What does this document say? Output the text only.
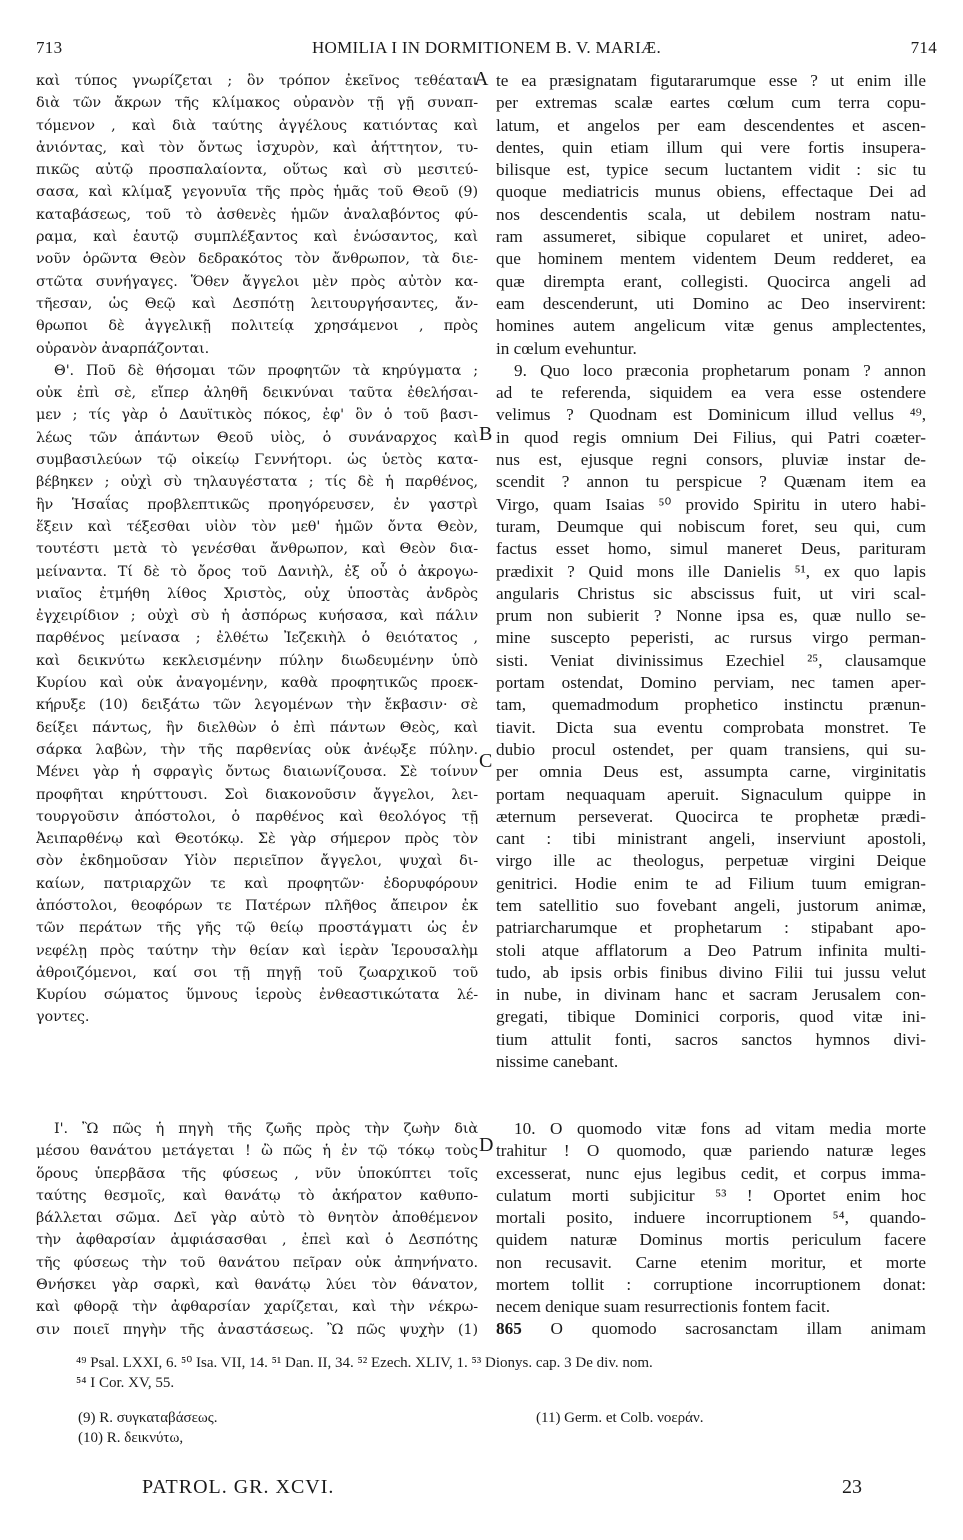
713	HOMILIA I IN DORMITIONEM B. V. MARIÆ.	714
καὶ τύπος γνωρίζεται ; ὃν τρόπον ἐκεῖνος τεθέαται
διὰ τῶν ἄκρων τῆς κλίμακος οὐρανὸν τῇ γῇ συναπ-
τόμενον , καὶ διὰ ταύτης ἀγγέλους κατιόντας καὶ
ἀνιόντας, καὶ τὸν ὄντως ἰσχυρὸν, καὶ ἀήττητον, τυ-
πικῶς αὐτῷ προσπαλαίοντα, οὕτως καὶ σὺ μεσιτεύ-
σασα, καὶ κλίμαξ γεγονυῖα τῆς πρὸς ἡμᾶς τοῦ Θεοῦ (9)
καταβάσεως, τοῦ τὸ ἀσθενὲς ἡμῶν ἀναλαβόντος φύ-
ραμα, καὶ ἑαυτῷ συμπλέξαντος καὶ ἑνώσαντος, καὶ
νοῦν ὁρῶντα Θεὸν δεδρακότος τὸν ἄνθρωπον, τὰ διε-
στῶτα συνήγαγες. Ὅθεν ἄγγελοι μὲν πρὸς αὐτὸν κα-
τῆεσαν, ὡς Θεῷ καὶ Δεσπότῃ λειτουργήσαντες, ἄν-
θρωποι δὲ ἀγγελικῇ πολιτείᾳ χρησάμενοι , πρὸς
οὐρανὸν ἀναρπάζονται.
Θ'. Ποῦ δὲ θήσομαι τῶν προφητῶν τὰ κηρύγματα ;
οὐκ ἐπὶ σὲ, εἴπερ ἀληθῆ δεικνύναι ταῦτα ἐθελήσαι-
μεν ; τίς γὰρ ὁ Δαυϊτικὸς πόκος, ἐφ' ὃν ὁ τοῦ βασι-
λέως τῶν ἁπάντων Θεοῦ υἱὸς, ὁ συνάναρχος καὶ
συμβασιλεύων τῷ οἰκείῳ Γεννήτορι. ὡς ὑετὸς κατα-
βέβηκεν ; οὐχὶ σὺ τηλαυγέστατα ; τίς δὲ ἡ παρθένος,
ἣν Ἡσαΐας προβλεπτικῶς προηγόρευσεν, ἐν γαστρὶ
ἕξειν καὶ τέξεσθαι υἱὸν τὸν μεθ' ἡμῶν ὄντα Θεὸν,
τουτέστι μετὰ τὸ γενέσθαι ἄνθρωπον, καὶ Θεὸν δια-
μείναντα. Τί δὲ τὸ ὄρος τοῦ Δανιὴλ, ἐξ οὗ ὁ ἀκρογω-
νιαῖος ἐτμήθη λίθος Χριστὸς, οὐχ ὑποστὰς ἀνδρὸς
ἐγχειρίδιον ; οὐχὶ σὺ ἡ ἀσπόρως κυήσασα, καὶ πάλιν
παρθένος μείνασα ; ἐλθέτω Ἰεζεκιὴλ ὁ θειότατος ,
καὶ δεικνύτω κεκλεισμένην πύλην διωδευμένην ὑπὸ
Κυρίου καὶ οὐκ ἀναγομένην, καθὰ προφητικῶς προεκ-
κήρυξε (10) δειξάτω τῶν λεγομένων τὴν ἔκβασιν· σὲ
δείξει πάντως, ἣν διελθὼν ὁ ἐπὶ πάντων Θεὸς, καὶ
σάρκα λαβὼν, τὴν τῆς παρθενίας οὐκ ἀνέῳξε πύλην.
Μένει γὰρ ἡ σφραγὶς ὄντως διαιωνίζουσα. Σὲ τοίνυν
προφῆται κηρύττουσι. Σοὶ διακονοῦσιν ἄγγελοι, λει-
τουργοῦσιν ἀπόστολοι, ὁ παρθένος καὶ θεολόγος τῇ
Ἀειπαρθένῳ καὶ Θεοτόκῳ. Σὲ γὰρ σήμερον πρὸς τὸν
σὸν ἐκδημοῦσαν Υἱὸν περιεῖπον ἄγγελοι, ψυχαὶ δι-
καίων, πατριαρχῶν τε καὶ προφητῶν· ἐδορυφόρουν
ἀπόστολοι, θεοφόρων τε Πατέρων πλῆθος ἄπειρον ἐκ
τῶν περάτων τῆς γῆς τῷ θείῳ προστάγματι ὡς ἐν
νεφέλῃ πρὸς ταύτην τὴν θείαν καὶ ἱερὰν Ἱερουσαλὴμ
ἀθροιζόμενοι, καί σοι τῇ πηγῇ τοῦ ζωαρχικοῦ τοῦ
Κυρίου σώματος ὕμνους ἱεροὺς ἐνθεαστικώτατα λέ-
γοντες.
Ι'. Ὢ πῶς ἡ πηγὴ τῆς ζωῆς πρὸς τὴν ζωὴν διὰ
μέσου θανάτου μετάγεται ! ὢ πῶς ἡ ἐν τῷ τόκῳ τοὺς
ὅρους ὑπερβᾶσα τῆς φύσεως , νῦν ὑποκύπτει τοῖς
ταύτης θεσμοῖς, καὶ θανάτῳ τὸ ἀκήρατον καθυπο-
βάλλεται σῶμα. Δεῖ γὰρ αὐτὸ τὸ θνητὸν ἀποθέμενον
τὴν ἀφθαρσίαν ἀμφιάσασθαι , ἐπεὶ καὶ ὁ Δεσπότης
τῆς φύσεως τὴν τοῦ θανάτου πεῖραν οὐκ ἀπηνήνατο.
Θνήσκει γὰρ σαρκὶ, καὶ θανάτῳ λύει τὸν θάνατον,
καὶ φθορᾷ τὴν ἀφθαρσίαν χαρίζεται, καὶ τὴν νέκρω-
σιν ποιεῖ πηγὴν τῆς ἀναστάσεως. Ὢ πῶς ψυχὴν (1)
te ea præsignatam figutararumque esse ? ut enim ille
per extremas scalæ eartes cœlum cum terra copu-
latum, et angelos per eam descendentes et ascen-
dentes, quin etiam illum qui vere fortis insupera-
bilisque est, typice secum luctantem vidit : sic tu
quoque mediatricis munus obiens, effectaque Dei ad
nos descendentis scala, ut debilem nostram natu-
ram assumeret, sibique copularet et uniret, adeo-
que hominem mentem videntem Deum redderet, ea
quæ dirempta erant, collegisti. Quocirca angeli ad
eam descenderunt, uti Domino ac Deo inservirent:
homines autem angelicum vitæ genus amplectentes,
in cœlum evehuntur.
9. Quo loco præconia prophetarum ponam ? annon
ad te referenda, siquidem ea vera esse ostendere
velimus ? Quodnam est Dominicum illud vellus ⁴⁹,
in quod regis omnium Dei Filius, qui Patri coæter-
nus est, ejusque regni consors, pluviæ instar de-
scendit ? annon tu perspicue ? Quænam item ea
Virgo, quam Isaias ⁵⁰ provido Spiritu in utero habi-
turam, Deumque qui nobiscum foret, seu qui, cum
factus esset homo, simul maneret Deus, parituram
prædixit ? Quid mons ille Danielis ⁵¹, ex quo lapis
angularis Christus sic abscissus fuit, ut viri scal-
prum non subierit ? Nonne ipsa es, quæ nullo se-
mine suscepto peperisti, ac rursus virgo perman-
sisti. Veniat divinissimus Ezechiel ²⁵, clausamque
portam ostendat, Domino perviam, nec tamen aper-
tam, quemadmodum prophetico instinctu prænun-
tiavit. Dicta sua eventu comprobata monstret. Te
dubio procul ostendet, per quam transiens, qui su-
per omnia Deus est, assumpta carne, virginitatis
portam nequaquam aperuit. Signaculum quippe in
æternum perseverat. Quocirca te prophetæ prædi-
cant : tibi ministrant angeli, inserviunt apostoli,
virgo ille ac theologus, perpetuæ virgini Deique
genitrici. Hodie enim te ad Filium tuum emigran-
tem satellitio suo fovebant angeli, justorum animæ,
patriarcharumque et prophetarum : stipabant apo-
stoli atque afflatorum a Deo Patrum infinita multi-
tudo, ab ipsis orbis finibus divino Filii tui jussu velut
in nube, in divinam hanc et sacram Jerusalem con-
gregati, tibique Dominici corporis, quod vitæ ini-
tium attulit fonti, sacros sanctos hymnos divi-
nissime canebant.
10. O quomodo vitæ fons ad vitam media morte
trahitur ! O quomodo, quæ pariendo naturæ leges
excesserat, nunc ejus legibus cedit, et corpus imma-
culatum morti subjicitur ⁵³ ! Oportet enim hoc
mortali posito, induere incorruptionem ⁵⁴, quando-
quidem naturæ Dominus mortis periculum facere
non recusavit. Carne etenim moritur, et morte
mortem tollit : corruptione incorruptionem donat:
necem denique suam resurrectionis fontem facit.
865 O quomodo sacrosanctam illam animam
A
B
C
D
⁴⁹ Psal. LXXI, 6. ⁵⁰ Isa. VII, 14. ⁵¹ Dan. II, 34. ⁵² Ezech. XLIV, 1. ⁵³ Dionys. cap. 3 De div. nom.
⁵⁴ I Cor. XV, 55.
(9) R. συγκαταβάσεως.
(10) R. δεικνύτω,
(11) Germ. et Colb. νοεράν.
PATROL. GR. XCVI.	23
